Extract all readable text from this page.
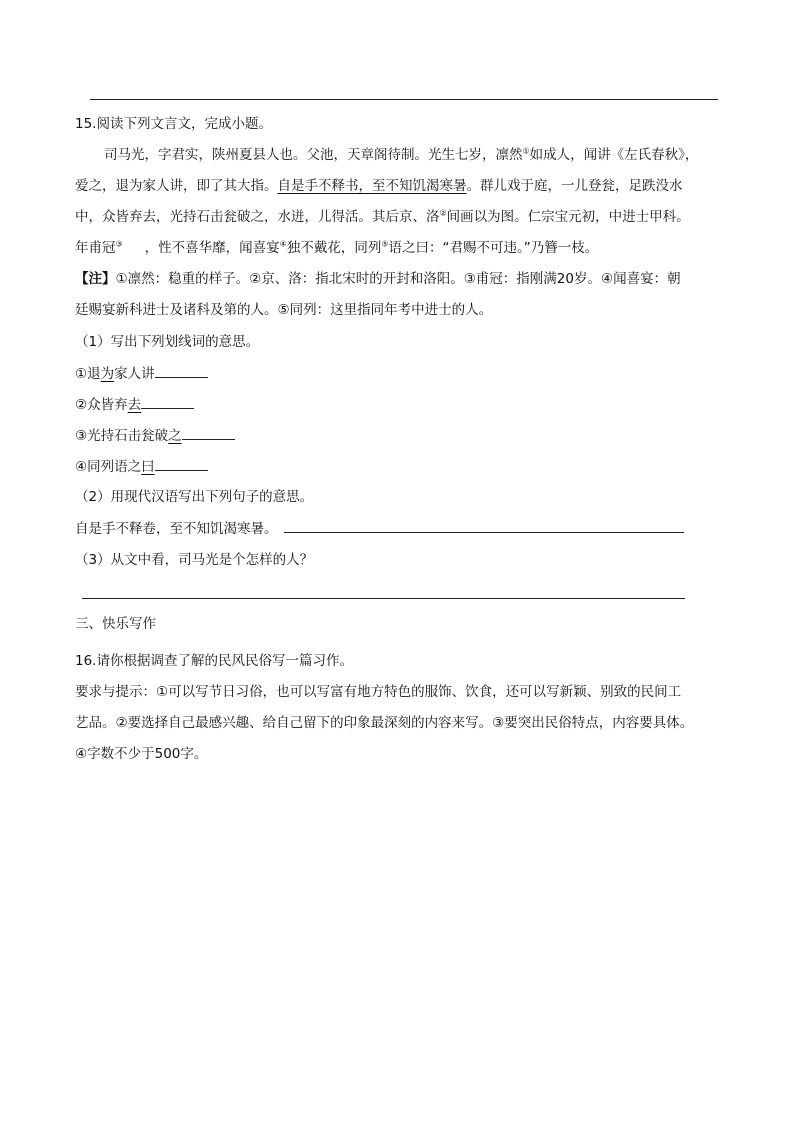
15.阅读下列文言文，完成小题。
司马光，字君实，陕州夏县人也。父池，天章阁待制。光生七岁，凛然①如成人，闻讲《左氏春秋》，
爱之，退为家人讲，即了其大指。自是手不释书，至不知饥渴寒暑。群儿戏于庭，一儿登瓮，足跌没水
中，众皆弃去，光持石击瓮破之，水迸，儿得活。其后京、洛②间画以为图。仁宗宝元初，中进士甲科。
年甫冠③ ，性不喜华靡，闻喜宴④独不戴花，同列⑤语之曰：“君赐不可违。”乃簪一枝。
【注】①凛然：稳重的样子。②京、洛：指北宋时的开封和洛阳。③甫冠：指刚满20岁。④闻喜宴：朝
廷赐宴新科进士及诸科及第的人。⑤同列：这里指同年考中进士的人。
（1）写出下列划线词的意思。
①退为家人讲
②众皆弃去
③光持石击瓮破之
④同列语之曰
（2）用现代汉语写出下列句子的意思。
自是手不释卷，至不知饥渴寒暑。
（3）从文中看，司马光是个怎样的人？
三、快乐写作
16.请你根据调查了解的民风民俗写一篇习作。
要求与提示：①可以写节日习俗，也可以写富有地方特色的服饰、饮食，还可以写新颖、别致的民间工
艺品。②要选择自己最感兴趣、给自己留下的印象最深刻的内容来写。③要突出民俗特点，内容要具体。
④字数不少于500字。
